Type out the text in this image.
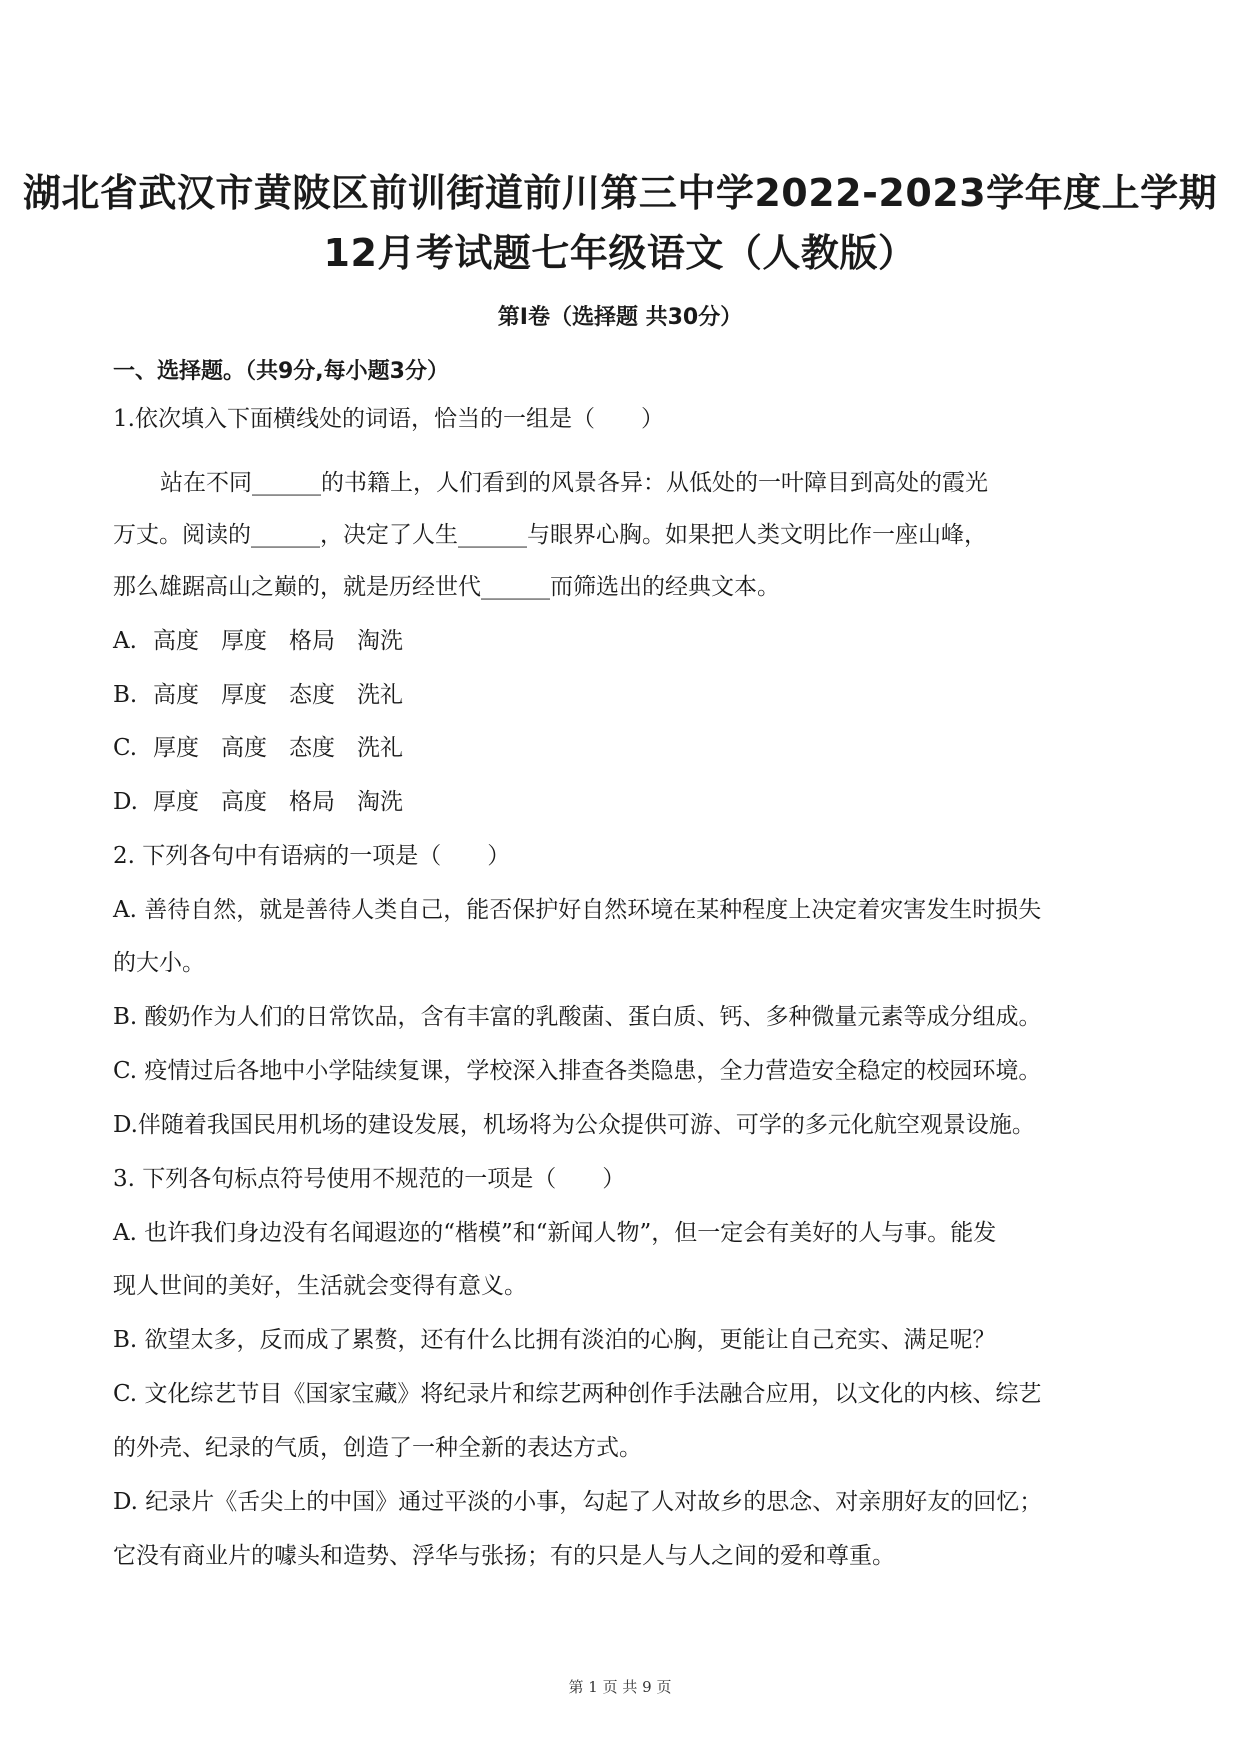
湖北省武汉市黄陂区前训街道前川第三中学2022-2023学年度上学期
12月考试题七年级语文（人教版）
第Ⅰ卷（选择题 共30分）
一、选择题。（共9分,每小题3分）
1.依次填入下面横线处的词语，恰当的一组是（　　）
站在不同______的书籍上，人们看到的风景各异：从低处的一叶障目到高处的霞光
万丈。阅读的______，决定了人生______与眼界心胸。如果把人类文明比作一座山峰，
那么雄踞高山之巅的，就是历经世代______而筛选出的经典文本。
A. 高度 厚度 格局 淘洗
B. 高度 厚度 态度 洗礼
C. 厚度 高度 态度 洗礼
D. 厚度 高度 格局 淘洗
2. 下列各句中有语病的一项是（　　）
A. 善待自然，就是善待人类自己，能否保护好自然环境在某种程度上决定着灾害发生时损失
的大小。
B. 酸奶作为人们的日常饮品，含有丰富的乳酸菌、蛋白质、钙、多种微量元素等成分组成。
C. 疫情过后各地中小学陆续复课，学校深入排查各类隐患，全力营造安全稳定的校园环境。
D.伴随着我国民用机场的建设发展，机场将为公众提供可游、可学的多元化航空观景设施。
3. 下列各句标点符号使用不规范的一项是（　　）
A. 也许我们身边没有名闻遐迩的“楷模”和“新闻人物”，但一定会有美好的人与事。能发
现人世间的美好，生活就会变得有意义。
B. 欲望太多，反而成了累赘，还有什么比拥有淡泊的心胸，更能让自己充实、满足呢？
C. 文化综艺节目《国家宝藏》将纪录片和综艺两种创作手法融合应用，以文化的内核、综艺
的外壳、纪录的气质，创造了一种全新的表达方式。
D. 纪录片《舌尖上的中国》通过平淡的小事，勾起了人对故乡的思念、对亲朋好友的回忆；
它没有商业片的噱头和造势、浮华与张扬；有的只是人与人之间的爱和尊重。
第 1 页 共 9 页
